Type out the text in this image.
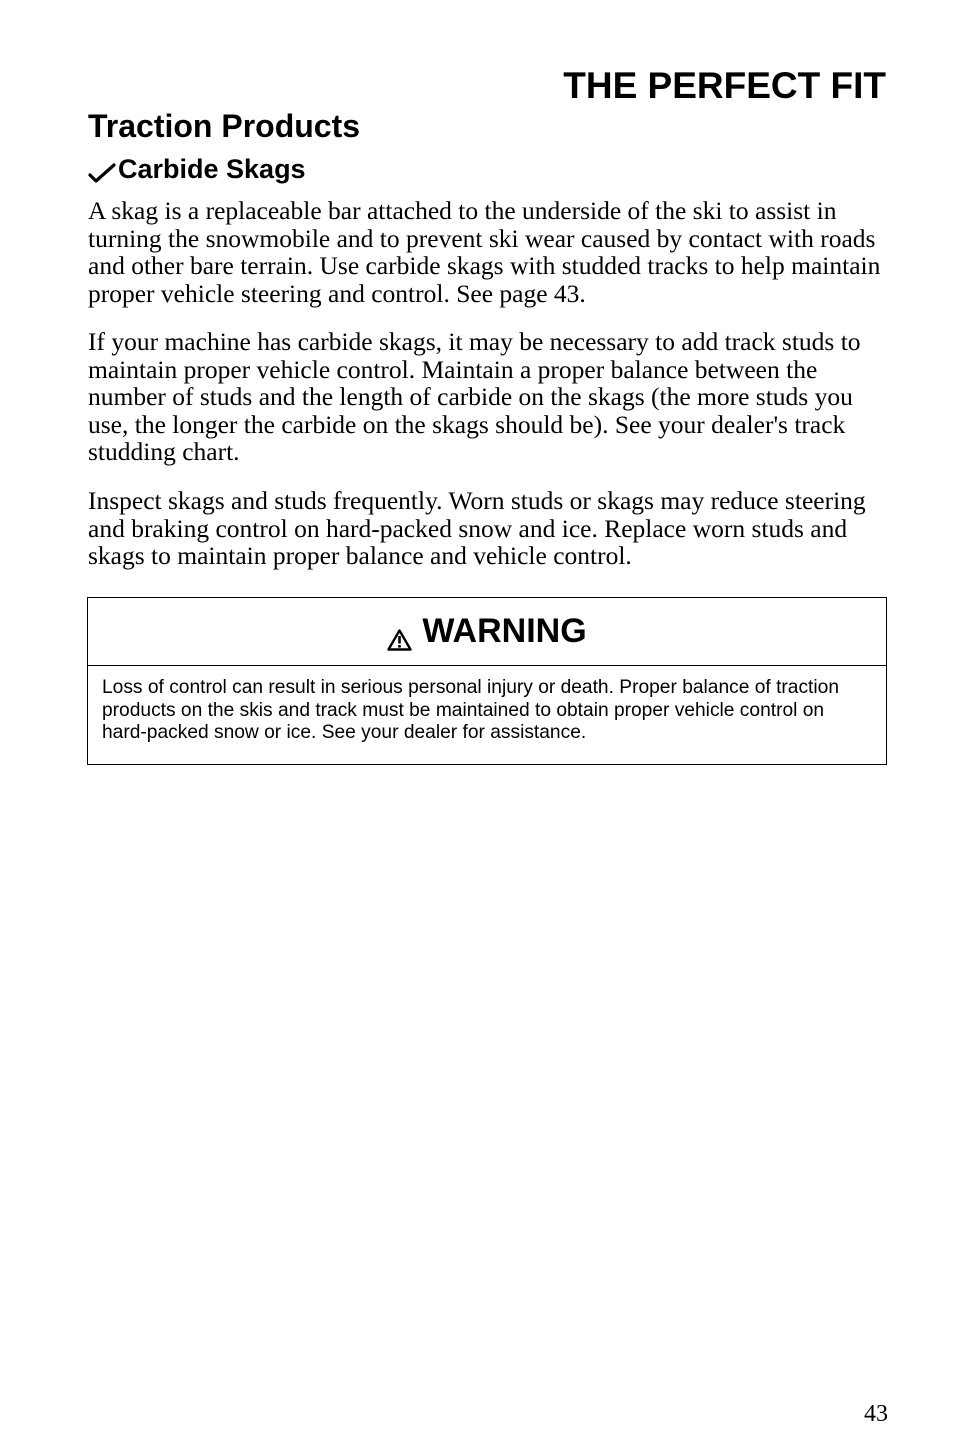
THE PERFECT FIT
Traction Products
Carbide Skags

A skag is a replaceable bar attached to the underside of the ski to assist in turning the snowmobile and to prevent ski wear caused by contact with roads and other bare terrain. Use carbide skags with studded tracks to help maintain proper vehicle steering and control. See page 43.

If your machine has carbide skags, it may be necessary to add track studs to maintain proper vehicle control. Maintain a proper balance between the number of studs and the length of carbide on the skags (the more studs you use, the longer the carbide on the skags should be). See your dealer's track studding chart.

Inspect skags and studs frequently. Worn studs or skags may reduce steering and braking control on hard-packed snow and ice. Replace worn studs and skags to maintain proper balance and vehicle control.

WARNING

Loss of control can result in serious personal injury or death. Proper balance of traction products on the skis and track must be maintained to obtain proper vehicle control on hard-packed snow or ice. See your dealer for assistance.

43
